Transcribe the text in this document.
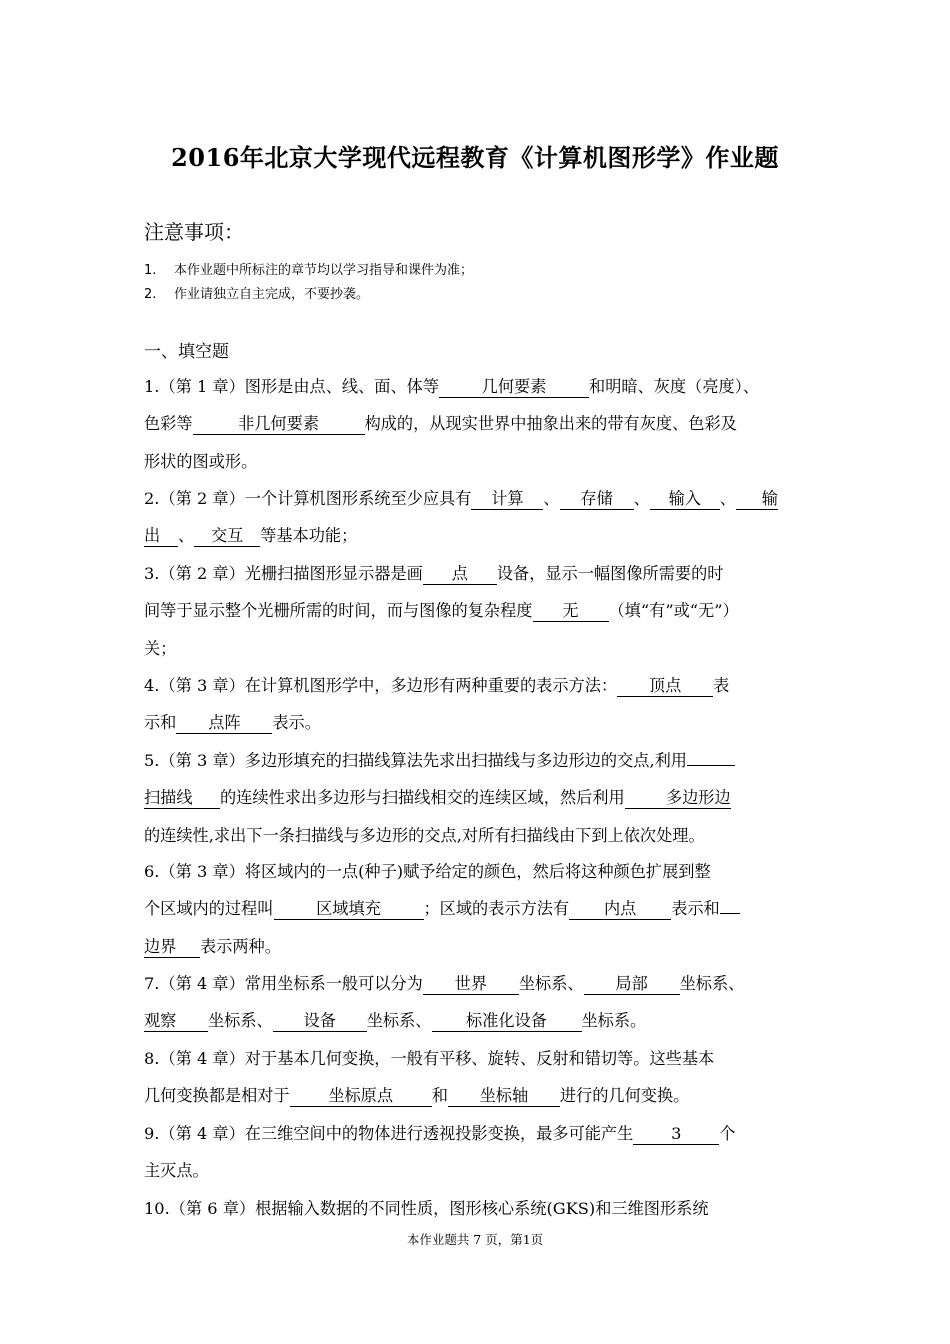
2016年北京大学现代远程教育《计算机图形学》作业题
注意事项：
1. 本作业题中所标注的章节均以学习指导和课件为准；
2. 作业请独立自主完成，不要抄袭。
一、填空题
1.（第 1 章）图形是由点、线、面、体等	几何要素	和明暗、灰度（亮度）、
色彩等	非几何要素	构成的，从现实世界中抽象出来的带有灰度、色彩及
形状的图或形。
2.（第 2 章）一个计算机图形系统至少应具有 计算 、 存储 、 输入 、 输
出 、 交互 等基本功能；
3.（第 2 章）光栅扫描图形显示器是画 点 设备，显示一幅图像所需要的时
间等于显示整个光栅所需的时间，而与图像的复杂程度 无 （填“有”或“无”）
关；
4.（第 3 章）在计算机图形学中，多边形有两种重要的表示方法： 顶点 表
示和 点阵 表示。
5.（第 3 章）多边形填充的扫描线算法先求出扫描线与多边形边的交点,利用
扫描线 的连续性求出多边形与扫描线相交的连续区域，然后利用	多边形边
的连续性,求出下一条扫描线与多边形的交点,对所有扫描线由下到上依次处理。
6.（第 3 章）将区域内的一点(种子)赋予给定的颜色，然后将这种颜色扩展到整
个区域内的过程叫	区域填充	；区域的表示方法有 内点 表示和
边界 表示两种。
7.（第 4 章）常用坐标系一般可以分为 世界 坐标系、 局部 坐标系、
观察 坐标系、 设备 坐标系、 标准化设备 坐标系。
8.（第 4 章）对于基本几何变换，一般有平移、旋转、反射和错切等。这些基本
几何变换都是相对于 坐标原点 和 坐标轴 进行的几何变换。
9.（第 4 章）在三维空间中的物体进行透视投影变换，最多可能产生 3 个
主灭点。
10.（第 6 章）根据输入数据的不同性质，图形核心系统(GKS)和三维图形系统
本作业题共 7 页，第1页
